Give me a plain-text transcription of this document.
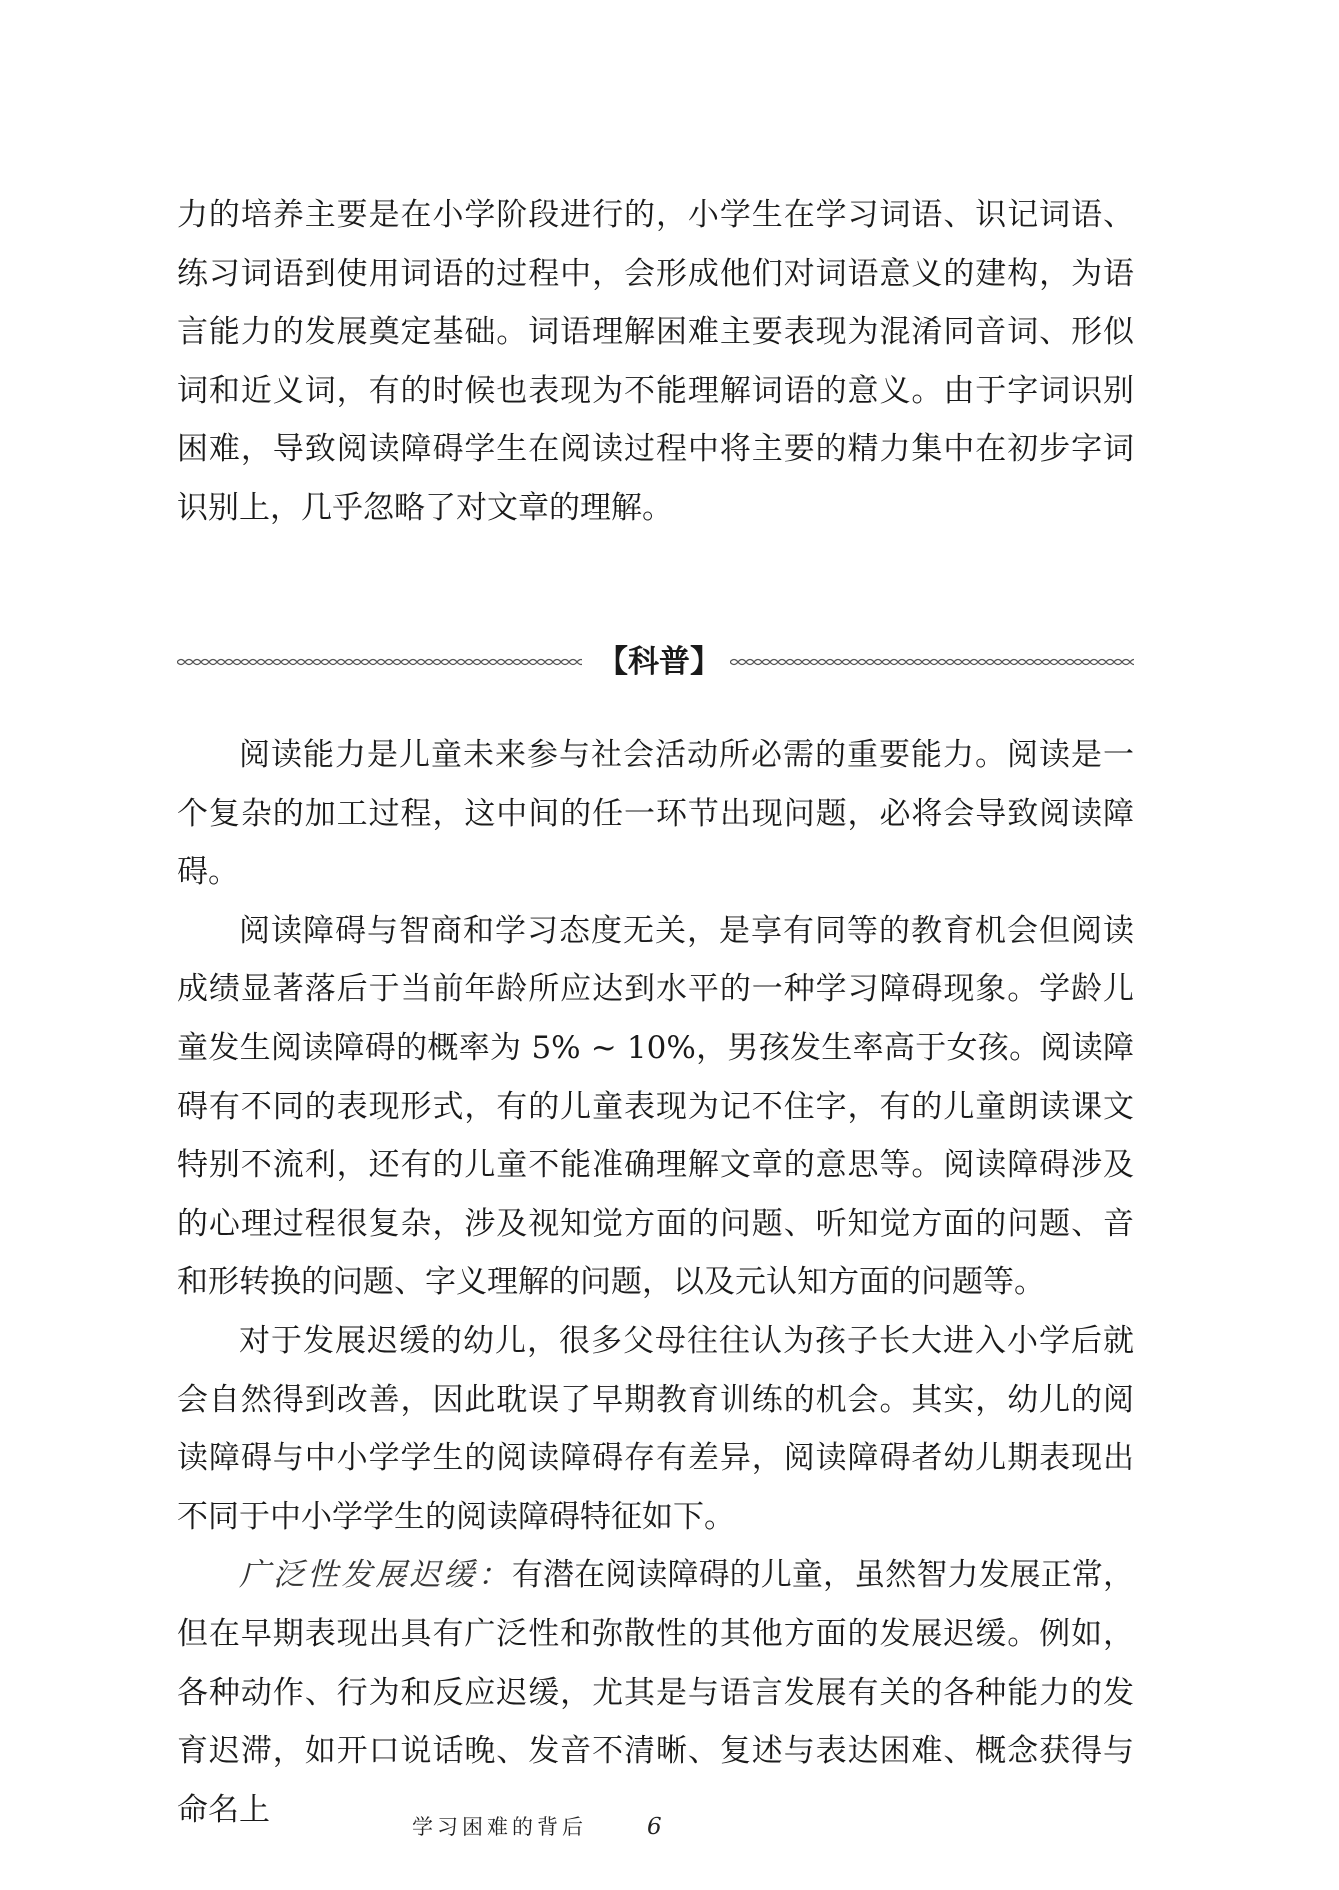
力的培养主要是在小学阶段进行的，小学生在学习词语、识记词语、练习词语到使用词语的过程中，会形成他们对词语意义的建构，为语言能力的发展奠定基础。词语理解困难主要表现为混淆同音词、形似词和近义词，有的时候也表现为不能理解词语的意义。由于字词识别困难，导致阅读障碍学生在阅读过程中将主要的精力集中在初步字词识别上，几乎忽略了对文章的理解。

【科普】

阅读能力是儿童未来参与社会活动所必需的重要能力。阅读是一个复杂的加工过程，这中间的任一环节出现问题，必将会导致阅读障碍。

阅读障碍与智商和学习态度无关，是享有同等的教育机会但阅读成绩显著落后于当前年龄所应达到水平的一种学习障碍现象。学龄儿童发生阅读障碍的概率为 5% ~ 10%，男孩发生率高于女孩。阅读障碍有不同的表现形式，有的儿童表现为记不住字，有的儿童朗读课文特别不流利，还有的儿童不能准确理解文章的意思等。阅读障碍涉及的心理过程很复杂，涉及视知觉方面的问题、听知觉方面的问题、音和形转换的问题、字义理解的问题，以及元认知方面的问题等。

对于发展迟缓的幼儿，很多父母往往认为孩子长大进入小学后就会自然得到改善，因此耽误了早期教育训练的机会。其实，幼儿的阅读障碍与中小学学生的阅读障碍存有差异，阅读障碍者幼儿期表现出不同于中小学学生的阅读障碍特征如下。

广泛性发展迟缓：有潜在阅读障碍的儿童，虽然智力发展正常，但在早期表现出具有广泛性和弥散性的其他方面的发展迟缓。例如，各种动作、行为和反应迟缓，尤其是与语言发展有关的各种能力的发育迟滞，如开口说话晚、发音不清晰、复述与表达困难、概念获得与命名上	学习困难的背后	6
